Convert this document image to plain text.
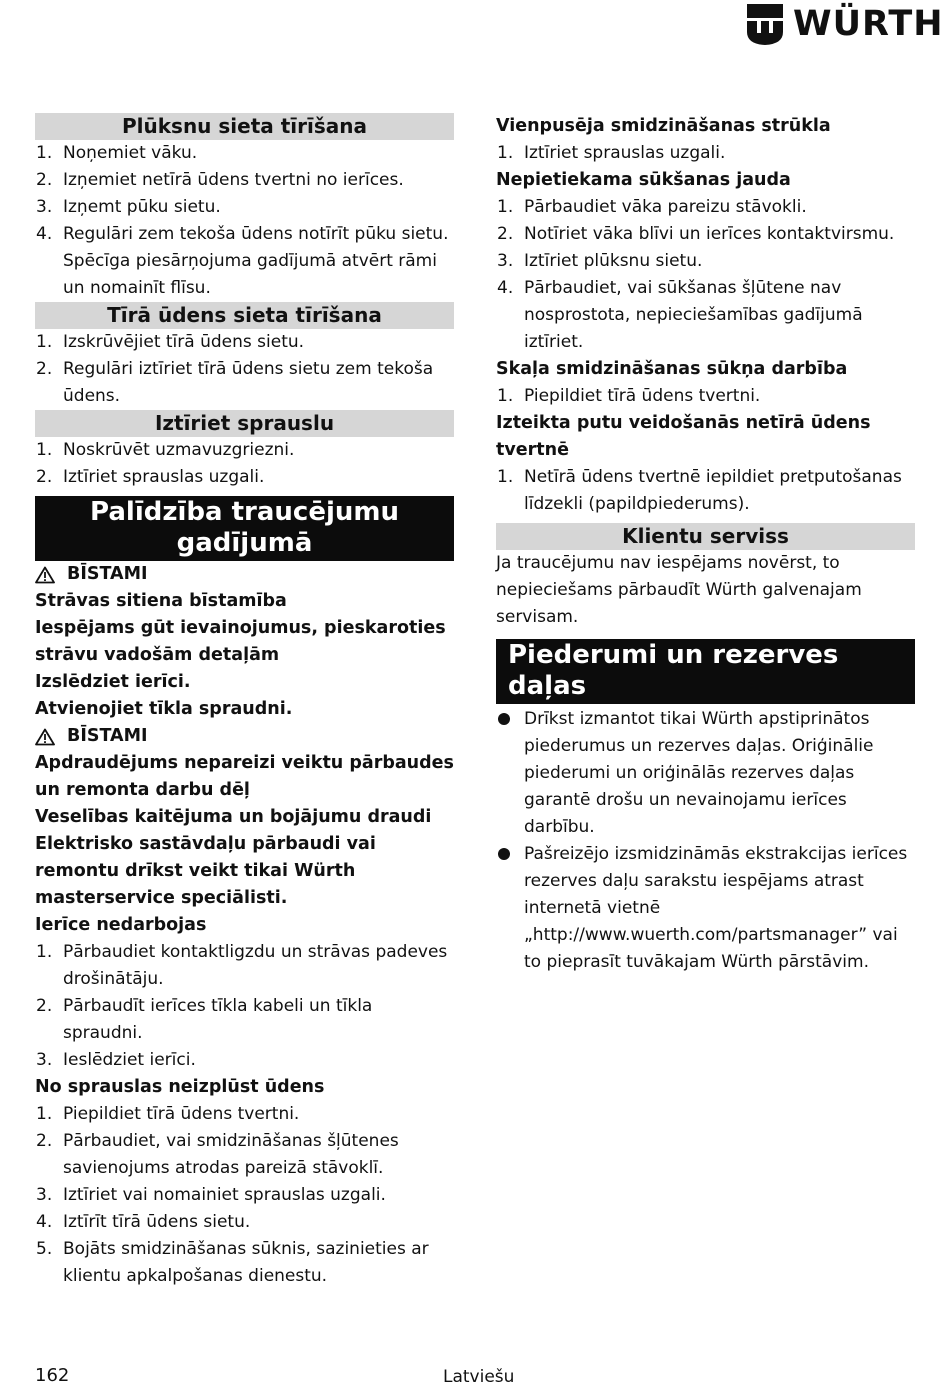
WÜRTH
Plūksnu sieta tīrīšana
1. Noņemiet vāku.
2. Izņemiet netīrā ūdens tvertni no ierīces.
3. Izņemt pūku sietu.
4. Regulāri zem tekoša ūdens notīrīt pūku sietu. Spēcīga piesārņojuma gadījumā atvērt rāmi un nomainīt flīsu.
Tīrā ūdens sieta tīrīšana
1. Izskrūvējiet tīrā ūdens sietu.
2. Regulāri iztīriet tīrā ūdens sietu zem tekoša ūdens.
Iztīriet sprauslu
1. Noskrūvēt uzmavuzgriezni.
2. Iztīriet sprauslas uzgali.
Palīdzība traucējumu gadījumā

BĪSTAMI

Strāvas sitiena bīstamība

Iespējams gūt ievainojumus, pieskaroties strāvu vadošām detaļām

Izslēdziet ierīci.

Atvienojiet tīkla spraudni.

BĪSTAMI

Apdraudējums nepareizi veiktu pārbaudes un remonta darbu dēļ

Veselības kaitējuma un bojājumu draudi

Elektrisko sastāvdaļu pārbaudi vai remontu drīkst veikt tikai Würth masterservice speciālisti.

Ierīce nedarbojas
1. Pārbaudiet kontaktligzdu un strāvas padeves drošinātāju.
2. Pārbaudīt ierīces tīkla kabeli un tīkla spraudni.
3. Ieslēdziet ierīci.
No sprauslas neizplūst ūdens
1. Piepildiet tīrā ūdens tvertni.
2. Pārbaudiet, vai smidzināšanas šļūtenes savienojums atrodas pareizā stāvoklī.
3. Iztīriet vai nomainiet sprauslas uzgali.
4. Iztīrīt tīrā ūdens sietu.
5. Bojāts smidzināšanas sūknis, sazinieties ar klientu apkalpošanas dienestu.
Vienpusēja smidzināšanas strūkla
1. Iztīriet sprauslas uzgali.
Nepietiekama sūkšanas jauda
1. Pārbaudiet vāka pareizu stāvokli.
2. Notīriet vāka blīvi un ierīces kontaktvirsmu.
3. Iztīriet plūksnu sietu.
4. Pārbaudiet, vai sūkšanas šļūtene nav nosprostota, nepieciešamības gadījumā iztīriet.
Skaļa smidzināšanas sūkņa darbība
1. Piepildiet tīrā ūdens tvertni.
Izteikta putu veidošanās netīrā ūdens tvertnē
1. Netīrā ūdens tvertnē iepildiet pretputošanas līdzekli (papildpiederums).
Klientu serviss

Ja traucējumu nav iespējams novērst, to nepieciešams pārbaudīt Würth galvenajam servisam.

Piederumi un rezerves daļas
Drīkst izmantot tikai Würth apstiprinātos piederumus un rezerves daļas. Oriģinālie piederumi un oriģinālās rezerves daļas garantē drošu un nevainojamu ierīces darbību.
Pašreizējo izsmidzināmās ekstrakcijas ierīces rezerves daļu sarakstu iespējams atrast internetā vietnē „http://www.wuerth.com/partsmanager” vai to pieprasīt tuvākajam Würth pārstāvim.
162	Latviešu
